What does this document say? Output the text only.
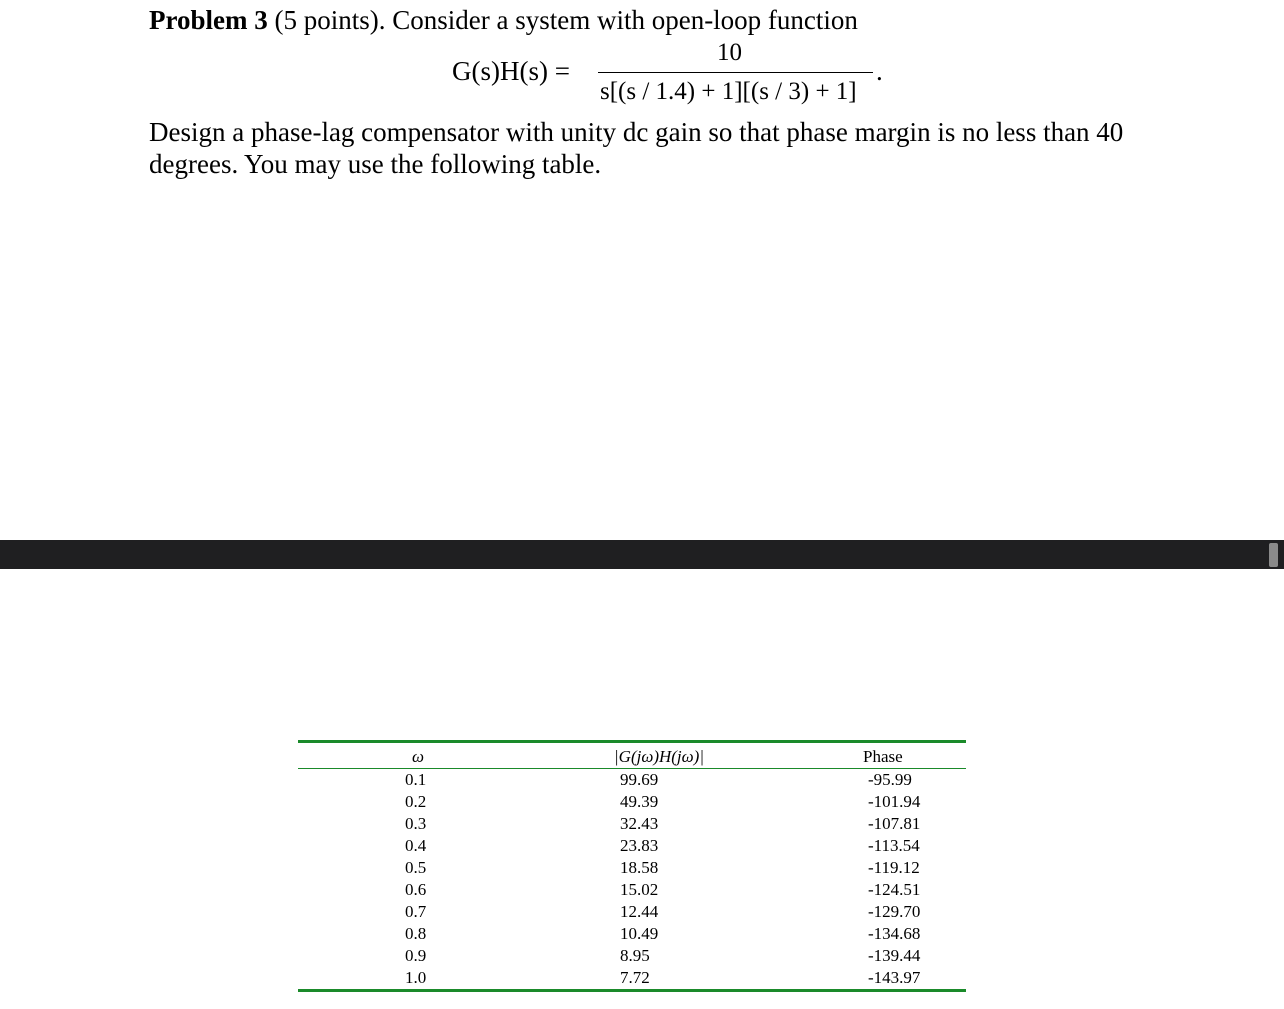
Problem 3 (5 points). Consider a system with open-loop function
G(s)H(s) =
10
s[(s / 1.4) + 1][(s / 3) + 1]
.
Design a phase-lag compensator with unity dc gain so that phase margin is no less than 40 degrees. You may use the following table.
ω	|G(jω)H(jω)|	Phase
0.1	99.69	-95.99
0.2	49.39	-101.94
0.3	32.43	-107.81
0.4	23.83	-113.54
0.5	18.58	-119.12
0.6	15.02	-124.51
0.7	12.44	-129.70
0.8	10.49	-134.68
0.9	8.95	-139.44
1.0	7.72	-143.97
